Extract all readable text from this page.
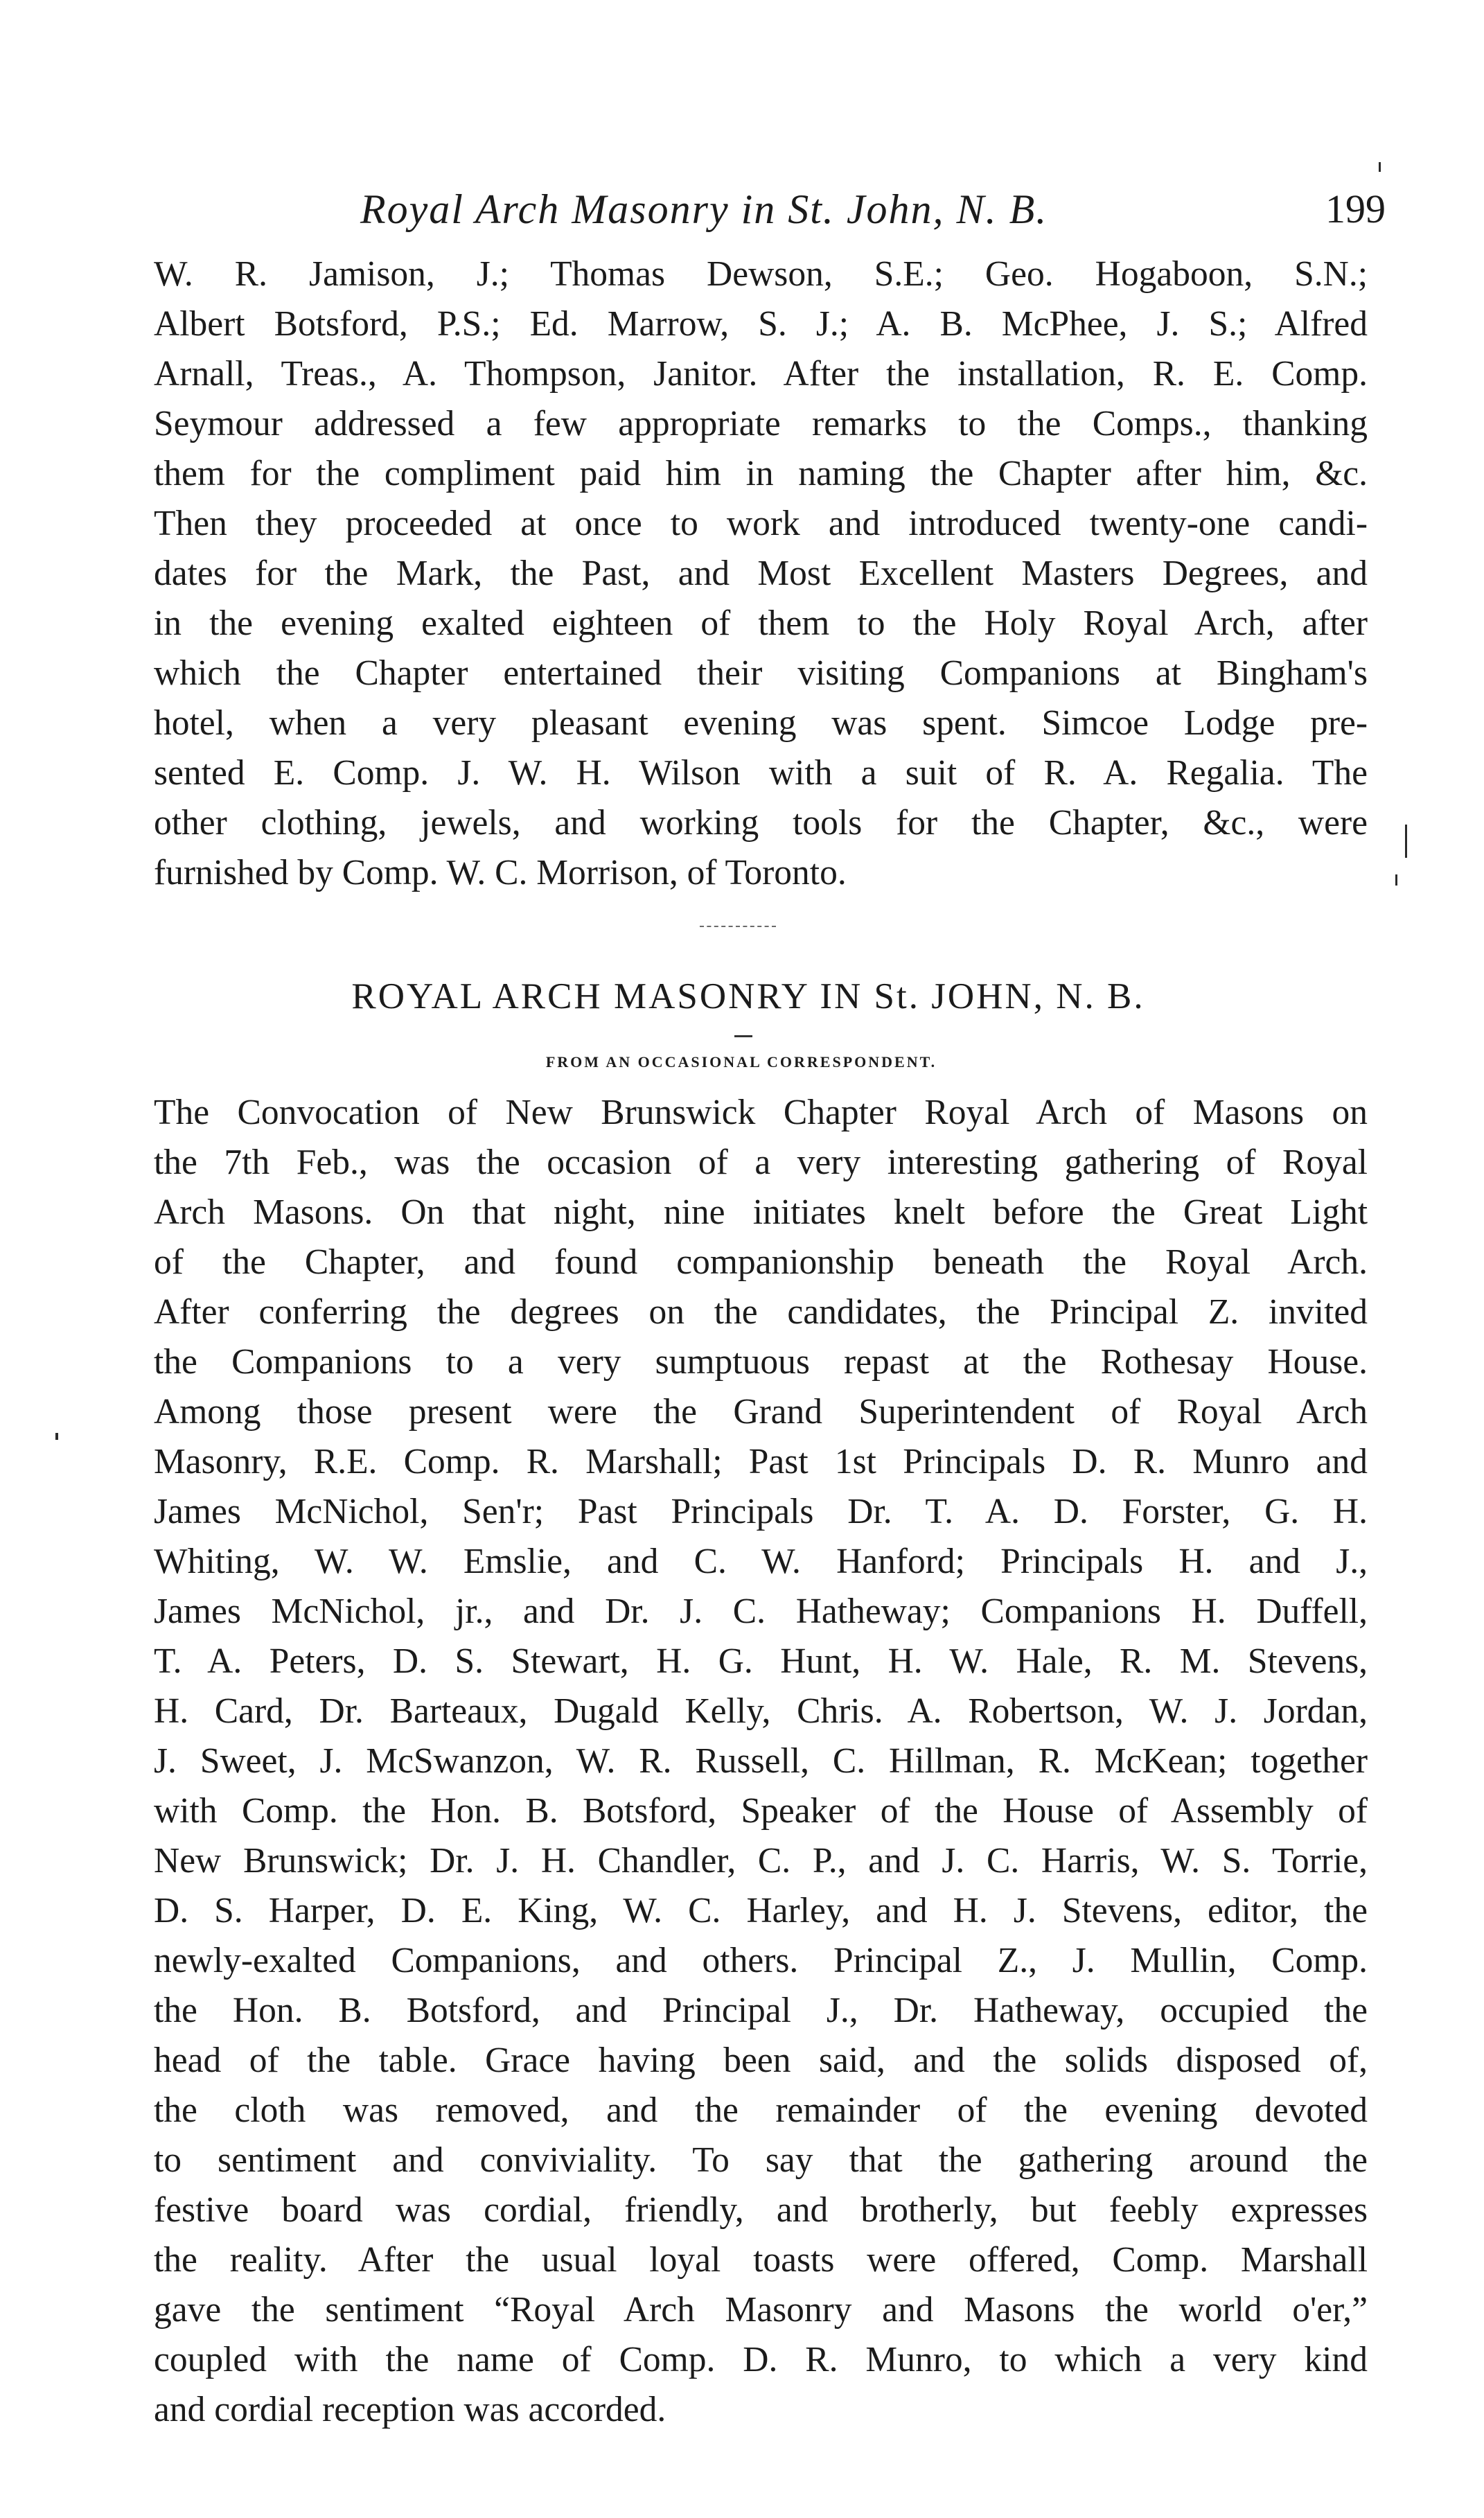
Royal Arch Masonry in St. John, N. B.	199
W. R. Jamison, J.; Thomas Dewson, S.E.; Geo. Hogaboon, S.N.;
Albert Botsford, P.S.; Ed. Marrow, S. J.; A. B. McPhee, J. S.; Alfred
Arnall, Treas., A. Thompson, Janitor. After the installation, R. E. Comp.
Seymour addressed a few appropriate remarks to the Comps., thanking
them for the compliment paid him in naming the Chapter after him, &c.
Then they proceeded at once to work and introduced twenty-one candi-
dates for the Mark, the Past, and Most Excellent Masters Degrees, and
in the evening exalted eighteen of them to the Holy Royal Arch, after
which the Chapter entertained their visiting Companions at Bingham's
hotel, when a very pleasant evening was spent. Simcoe Lodge pre-
sented E. Comp. J. W. H. Wilson with a suit of R. A. Regalia. The
other clothing, jewels, and working tools for the Chapter, &c., were
furnished by Comp. W. C. Morrison, of Toronto.
ROYAL ARCH MASONRY IN St. JOHN, N. B.
FROM AN OCCASIONAL CORRESPONDENT.
The Convocation of New Brunswick Chapter Royal Arch of Masons on
the 7th Feb., was the occasion of a very interesting gathering of Royal
Arch Masons. On that night, nine initiates knelt before the Great Light
of the Chapter, and found companionship beneath the Royal Arch.
After conferring the degrees on the candidates, the Principal Z. invited
the Companions to a very sumptuous repast at the Rothesay House.
Among those present were the Grand Superintendent of Royal Arch
Masonry, R.E. Comp. R. Marshall; Past 1st Principals D. R. Munro and
James McNichol, Sen'r; Past Principals Dr. T. A. D. Forster, G. H.
Whiting, W. W. Emslie, and C. W. Hanford; Principals H. and J.,
James McNichol, jr., and Dr. J. C. Hatheway; Companions H. Duffell,
T. A. Peters, D. S. Stewart, H. G. Hunt, H. W. Hale, R. M. Stevens,
H. Card, Dr. Barteaux, Dugald Kelly, Chris. A. Robertson, W. J. Jordan,
J. Sweet, J. McSwanzon, W. R. Russell, C. Hillman, R. McKean; together
with Comp. the Hon. B. Botsford, Speaker of the House of Assembly of
New Brunswick; Dr. J. H. Chandler, C. P., and J. C. Harris, W. S. Torrie,
D. S. Harper, D. E. King, W. C. Harley, and H. J. Stevens, editor, the
newly-exalted Companions, and others. Principal Z., J. Mullin, Comp.
the Hon. B. Botsford, and Principal J., Dr. Hatheway, occupied the
head of the table. Grace having been said, and the solids disposed of,
the cloth was removed, and the remainder of the evening devoted
to sentiment and conviviality. To say that the gathering around the
festive board was cordial, friendly, and brotherly, but feebly expresses
the reality. After the usual loyal toasts were offered, Comp. Marshall
gave the sentiment “Royal Arch Masonry and Masons the world o'er,”
coupled with the name of Comp. D. R. Munro, to which a very kind
and cordial reception was accorded.
